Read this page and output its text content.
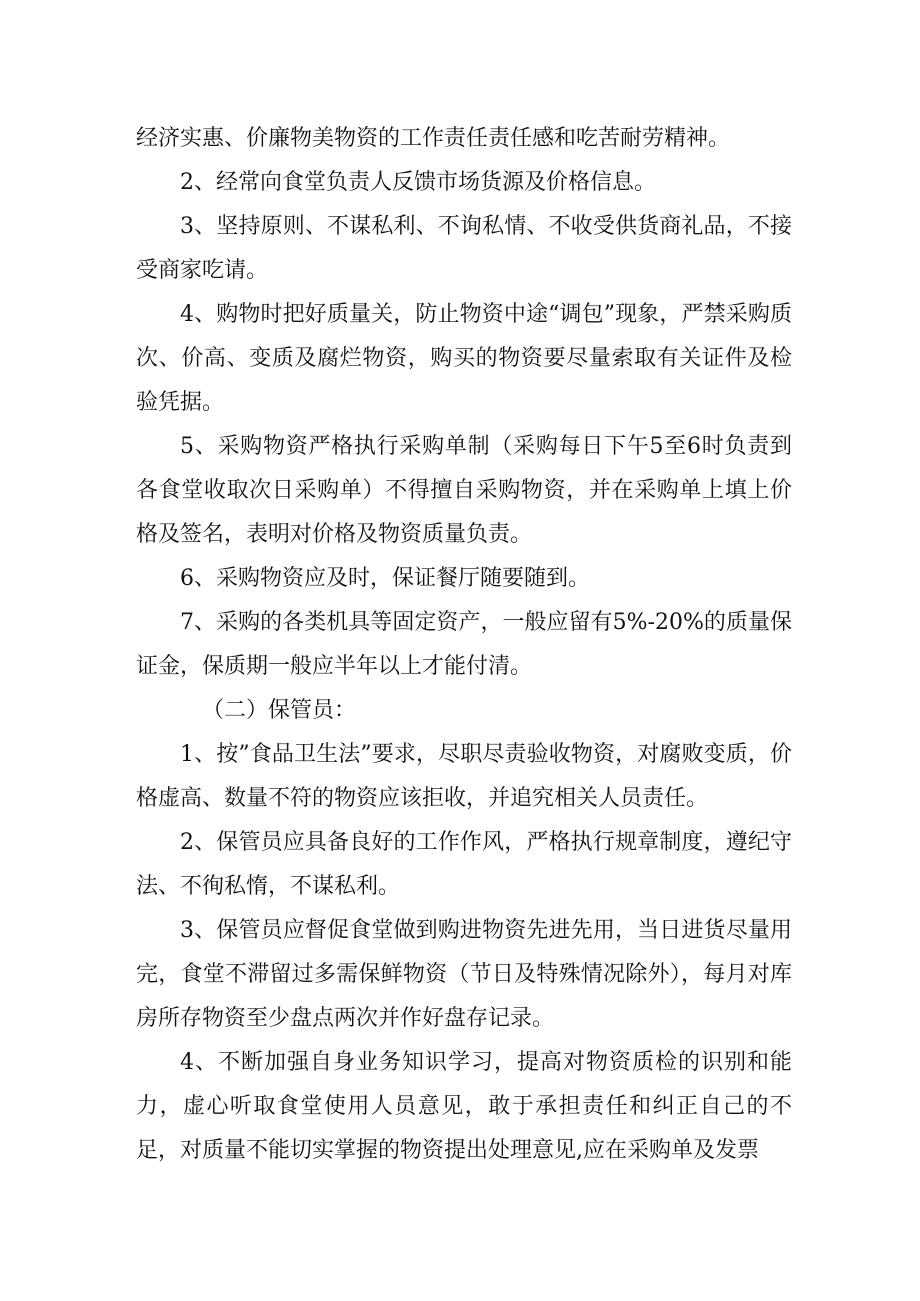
经济实惠、价廉物美物资的工作责任责任感和吃苦耐劳精神。

2、经常向食堂负责人反馈市场货源及价格信息。

3、坚持原则、不谋私利、不询私情、不收受供货商礼品，不接受商家吃请。

4、购物时把好质量关，防止物资中途“调包”现象，严禁采购质次、价高、变质及腐烂物资，购买的物资要尽量索取有关证件及检验凭据。

5、采购物资严格执行采购单制（采购每日下午5至6时负责到各食堂收取次日采购单）不得擅自采购物资，并在采购单上填上价格及签名，表明对价格及物资质量负责。

6、采购物资应及时，保证餐厅随要随到。

7、采购的各类机具等固定资产，一般应留有5%-20%的质量保证金，保质期一般应半年以上才能付清。

（二）保管员：

1、按”食品卫生法”要求，尽职尽责验收物资，对腐败变质，价格虚高、数量不符的物资应该拒收，并追究相关人员责任。

2、保管员应具备良好的工作作风，严格执行规章制度，遵纪守法、不徇私惰，不谋私利。

3、保管员应督促食堂做到购进物资先进先用，当日进货尽量用完，食堂不滞留过多需保鲜物资（节日及特殊情况除外），每月对库房所存物资至少盘点两次并作好盘存记录。

4、不断加强自身业务知识学习，提高对物资质检的识别和能力，虚心听取食堂使用人员意见，敢于承担责任和纠正自己的不足，对质量不能切实掌握的物资提出处理意见,应在采购单及发票
